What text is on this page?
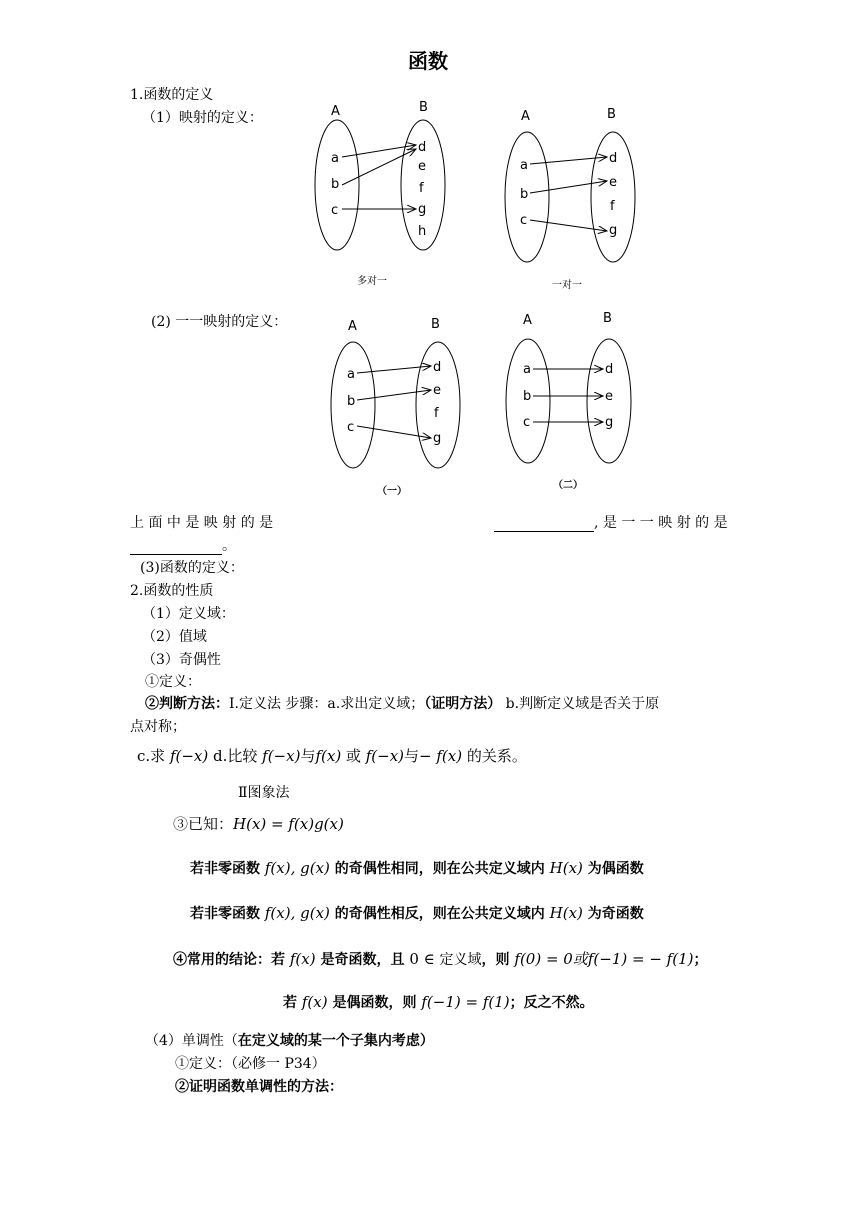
函数
1.函数的定义
（1）映射的定义：	A	B
a
b
c
d
e
f
g
h
多对一
A	B
a
b
c
d
e
f
g
一对一
(2) 一一映射的定义：	A	B
a
b
c
d
e
f
g
（一）
A	B
a
b
c
d
e
g
（二）
上 面 中 是 映 射 的 是	, 是 一 一 映 射 的 是
。
(3)函数的定义：
2.函数的性质
（1）定义域：
（2）值域
（3）奇偶性
①定义：
②判断方法：Ⅰ.定义法 步骤：a.求出定义域；（证明方法） b.判断定义域是否关于原
点对称；
c.求 f(−x) d.比较 f(−x)与f(x) 或 f(−x)与− f(x) 的关系。
Ⅱ图象法
③已知：H(x) = f(x)g(x)
若非零函数 f(x), g(x) 的奇偶性相同，则在公共定义域内 H(x) 为偶函数
若非零函数 f(x), g(x) 的奇偶性相反，则在公共定义域内 H(x) 为奇函数
④常用的结论：若 f(x) 是奇函数，且 0 ∈ 定义域，则 f(0) = 0或f(−1) = − f(1)；
若 f(x) 是偶函数，则 f(−1) = f(1)；反之不然。
（4）单调性（在定义域的某一个子集内考虑）
①定义：（必修一 P34）
②证明函数单调性的方法：
